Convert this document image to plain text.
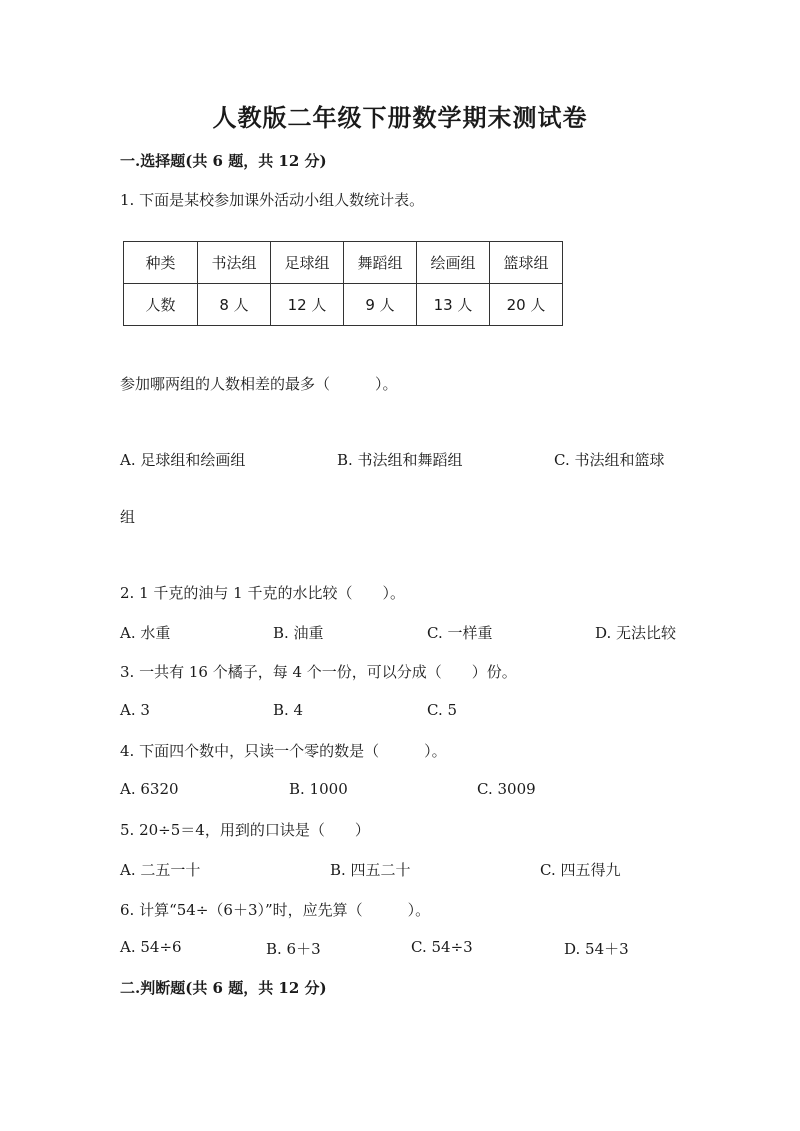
人教版二年级下册数学期末测试卷
一.选择题(共 6 题，共 12 分)
1. 下面是某校参加课外活动小组人数统计表。
种类	书法组	足球组	舞蹈组	绘画组	篮球组
人数	8 人	12 人	9 人	13 人	20 人
参加哪两组的人数相差的最多（　　　）。
A. 足球组和绘画组	B. 书法组和舞蹈组	C. 书法组和篮球
组
2. 1 千克的油与 1 千克的水比较（　　）。
A. 水重	B. 油重	C. 一样重	D. 无法比较
3. 一共有 16 个橘子，每 4 个一份，可以分成（　　）份。
A. 3	B. 4	C. 5
4. 下面四个数中，只读一个零的数是（　　　）。
A. 6320	B. 1000	C. 3009
5. 20÷5＝4，用到的口诀是（　　）
A. 二五一十	B. 四五二十	C. 四五得九
6. 计算“54÷（6＋3）”时，应先算（　　　）。
A. 54÷6	B. 6＋3	C. 54÷3	D. 54＋3
二.判断题(共 6 题，共 12 分)
